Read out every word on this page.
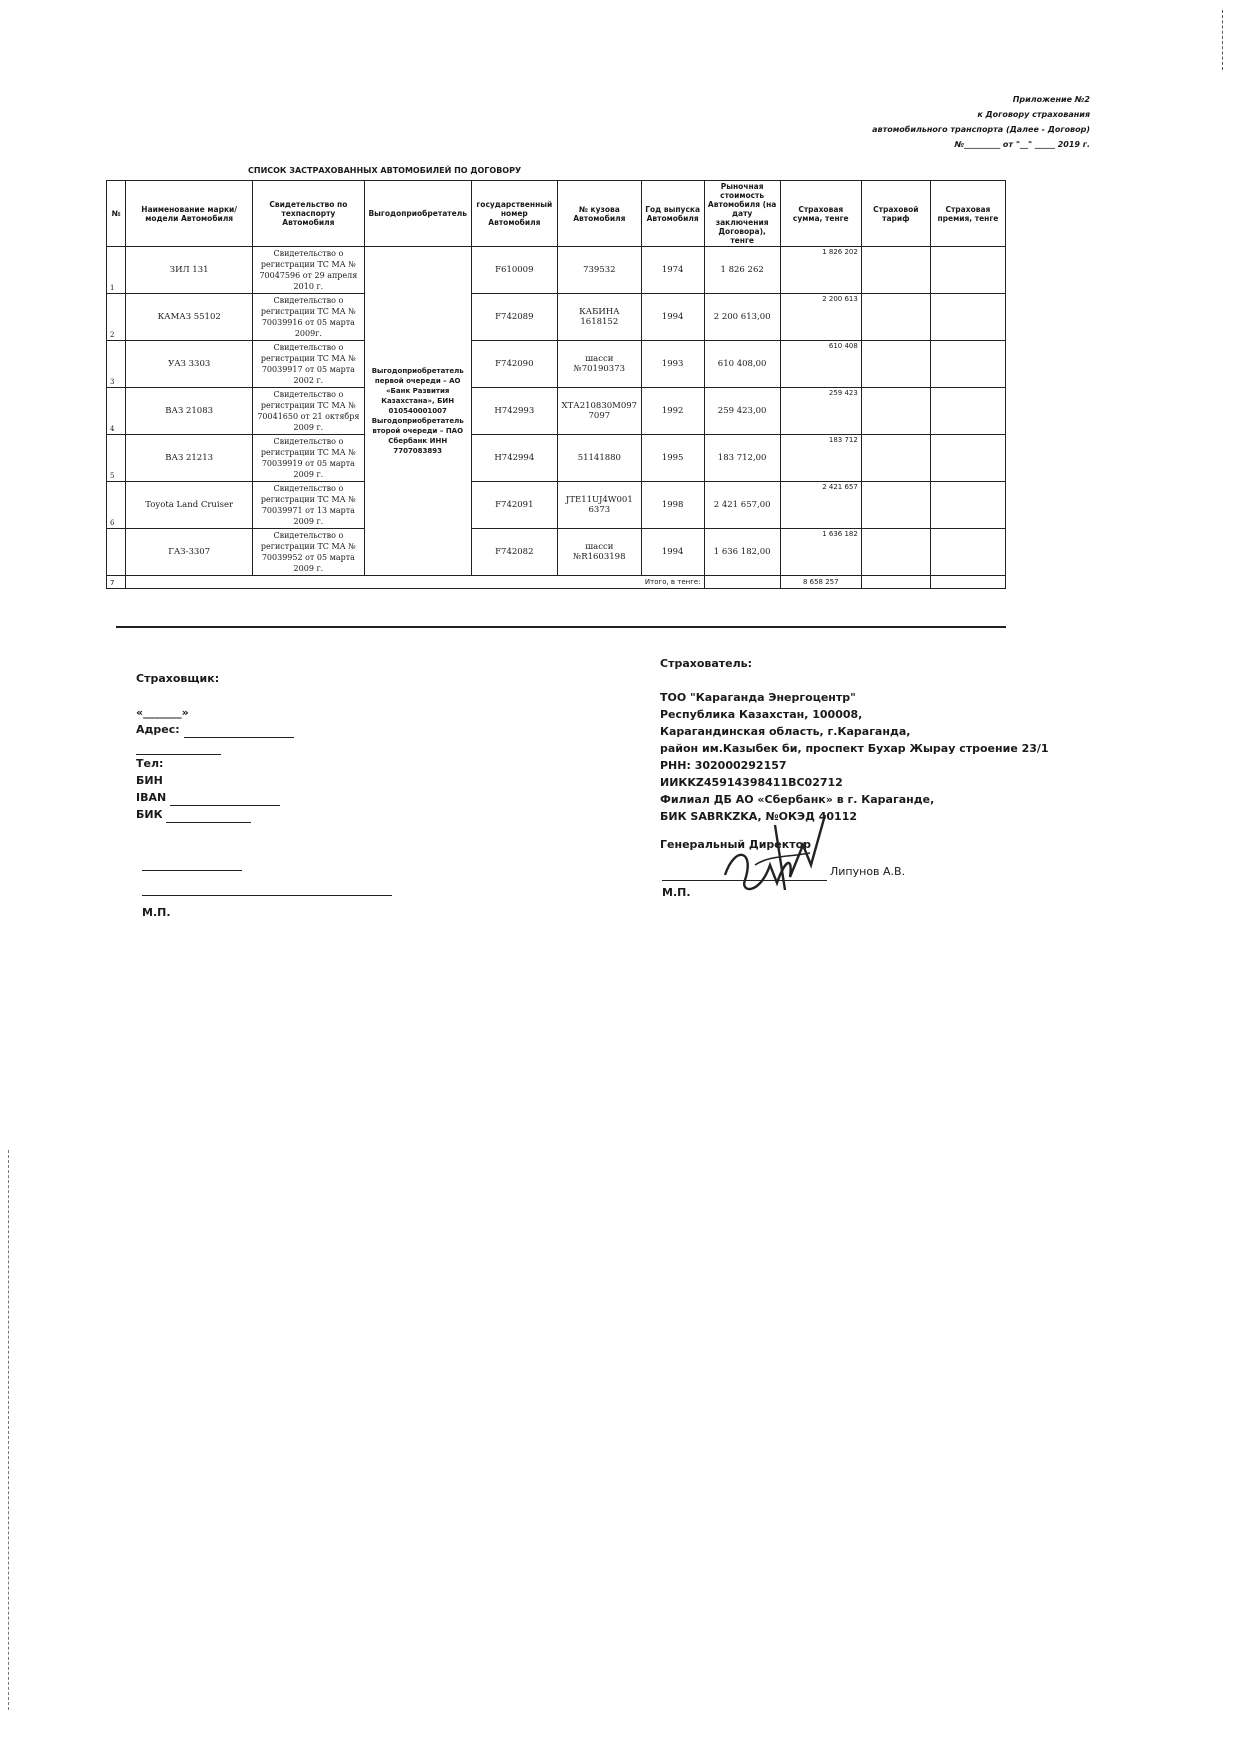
Приложение №2
к Договору страхования
автомобильного транспорта (Далее - Договор)
№_________ от "__" _____ 2019 г.
СПИСОК ЗАСТРАХОВАННЫХ АВТОМОБИЛЕЙ ПО ДОГОВОРУ
№	Наименование марки/модели Автомобиля	Свидетельство по техпаспорту Автомобиля	Выгодоприобретатель	государственный номер Автомобиля	№ кузова Автомобиля	Год выпуска Автомобиля	Рыночная стоимость Автомобиля (на дату заключения Договора), тенге	Страховая сумма, тенге	Страховой тариф	Страховая премия, тенге
1	ЗИЛ 131	Свидетельство о регистрации ТС МА № 70047596 от 29 апреля 2010 г.	Выгодоприобретатель первой очереди – АО «Банк Развития Казахстана», БИН 010540001007 Выгодоприобретатель второй очереди – ПАО Сбербанк ИНН 7707083893	F610009	739532	1974	1 826 262	1 826 202		
2	КАМАЗ 55102	Свидетельство о регистрации ТС МА № 70039916 от 05 марта 2009г.		F742089	КАБИНА 1618152	1994	2 200 613,00	2 200 613		
3	УАЗ 3303	Свидетельство о регистрации ТС МА № 70039917 от 05 марта 2002 г.		F742090	шасси №70190373	1993	610 408,00	610 408		
4	ВАЗ 21083	Свидетельство о регистрации ТС МА № 70041650 от 21 октября 2009 г.		H742993	ХТА210830М097 7097	1992	259 423,00	259 423		
5	ВАЗ 21213	Свидетельство о регистрации ТС МА № 70039919 от 05 марта 2009 г.		H742994	51141880	1995	183 712,00	183 712		
6	Toyota Land Cruiser	Свидетельство о регистрации ТС МА № 70039971 от 13 марта 2009 г.		F742091	JTE11UJ4W001 6373	1998	2 421 657,00	2 421 657		
	ГАЗ-3307	Свидетельство о регистрации ТС МА № 70039952 от 05 марта 2009 г.		F742082	шасси №R1603198	1994	1 636 182,00	1 636 182		
7	Итого, в тенге:							8 658 257		
Страховщик:
«_______»
Адрес:
Тел:
БИН
IBAN
БИК
М.П.
Страхователь:
ТОО "Караганда Энергоцентр"
Республика Казахстан, 100008,
Карагандинская область, г.Караганда,
район им.Казыбек би, проспект Бухар Жырау строение 23/1
РНН: 302000292157
ИИКKZ45914398411BC02712
Филиал ДБ АО «Сбербанк» в г. Караганде,
БИК SABRKZKA, №ОКЭД 40112
Генеральный Директор
Липунов А.В.
М.П.
